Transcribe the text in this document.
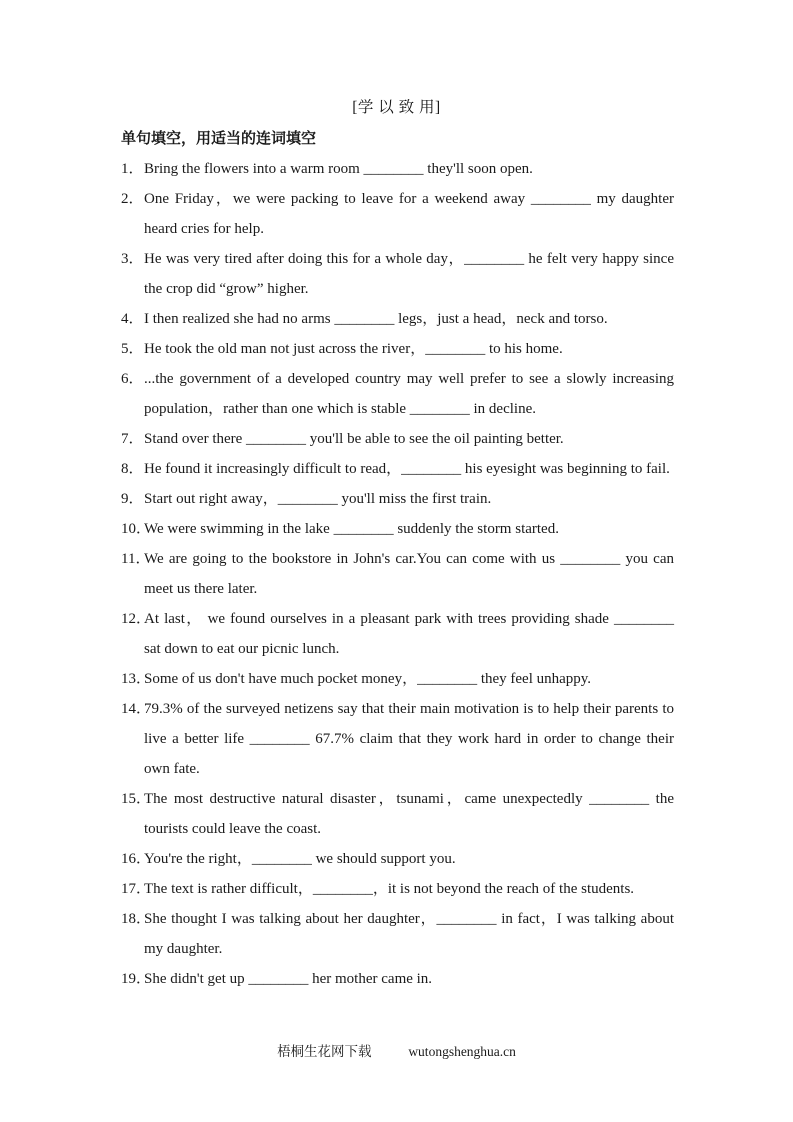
[学 以 致 用]
单句填空，用适当的连词填空
1． Bring the flowers into a warm room ________ they'll soon open.
2． One Friday，we were packing to leave for a weekend away ________ my daughter heard cries for help.
3． He was very tired after doing this for a whole day，________ he felt very happy since the crop did “grow” higher.
4． I then realized she had no arms ________ legs，just a head，neck and torso.
5． He took the old man not just across the river，________ to his home.
6． ...the government of a developed country may well prefer to see a slowly increasing population，rather than one which is stable ________ in decline.
7． Stand over there ________ you'll be able to see the oil painting better.
8． He found it increasingly difficult to read，________ his eyesight was beginning to fail.
9． Start out right away，________ you'll miss the first train.
10．
We were swimming in the lake ________ suddenly the storm started.
11．
We are going to the bookstore in John's car.You can come with us ________ you can meet us there later.
12．
At last， we found ourselves in a pleasant park with trees providing shade ________ sat down to eat our picnic lunch.
13．
Some of us don't have much pocket money，________ they feel unhappy.
14．
79.3% of the surveyed netizens say that their main motivation is to help their parents to live a better life ________ 67.7% claim that they work hard in order to change their own fate.
15．
The most destructive natural disaster，tsunami，came unexpectedly ________ the tourists could leave the coast.
16．
You're the right，________ we should support you.
17．
The text is rather difficult，________，it is not beyond the reach of the students.
18．
She thought I was talking about her daughter，________ in fact，I was talking about my daughter.
19．
She didn't get up ________ her mother came in.
梧桐生花网下载	wutongshenghua.cn
